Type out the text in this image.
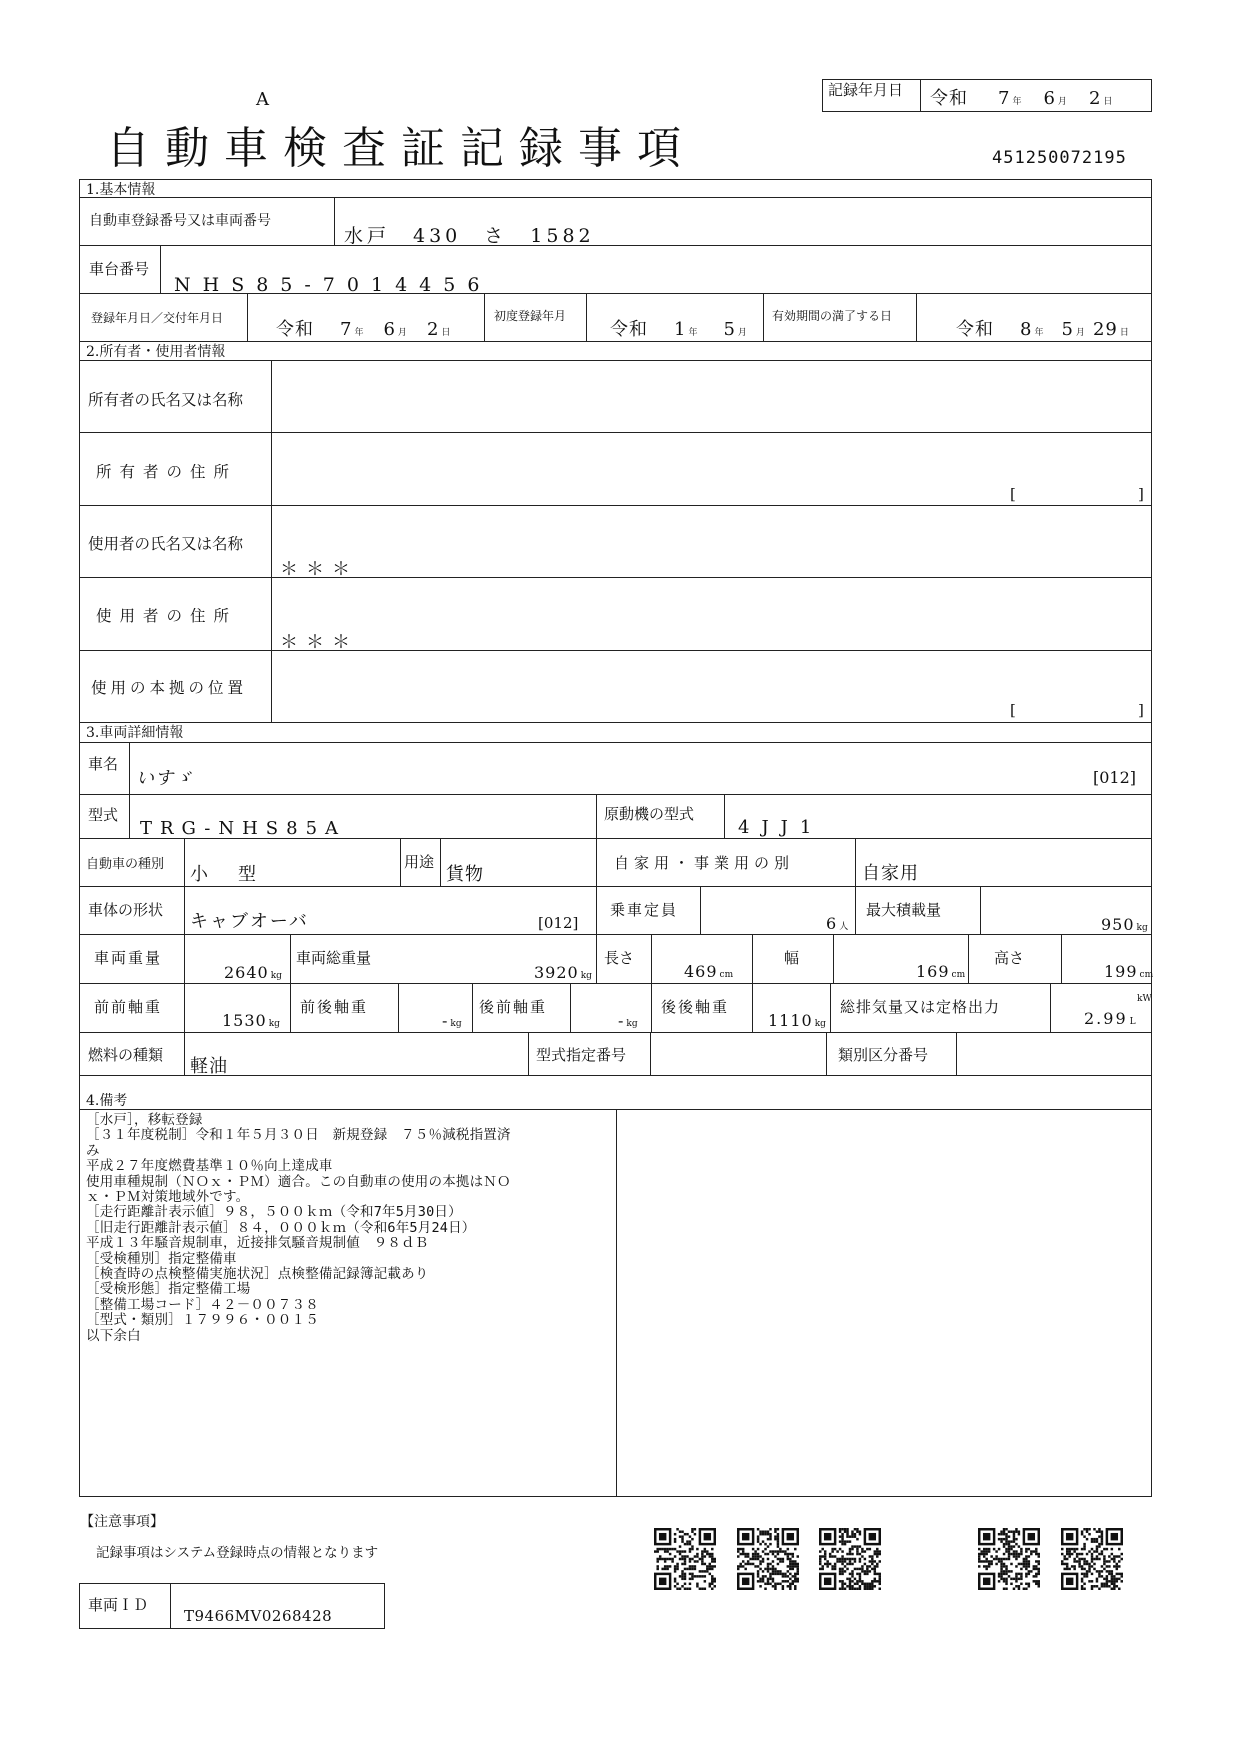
A
自動車検査証記録事項
記録年月日 令和 7 年 6 月 2 日
451250072195
1.基本情報
自動車登録番号又は車両番号
水戸　430　さ　1582
車台番号
NHS85-7014456
登録年月日／交付年月日
令和 7 年 6 月 2 日
初度登録年月
令和 1 年 5 月
有効期間の満了する日
令和 8 年 5 月 29 日
2.所有者・使用者情報
所有者の氏名又は名称
所有者の住所
[	]
使用者の氏名又は名称
＊＊＊
使用者の住所
＊＊＊
使用の本拠の位置
[	]
3.車両詳細情報
車名
いすゞ	[012]
型式
TRG-NHS85A
原動機の型式
4JJ1
自動車の種別 小　型
用途
貨物
自家用・事業用の別	自家用
車体の形状
キャブオーバ	[012]
乗車定員
6 人
最大積載量
950 kg
車両重量
2640 kg
車両総重量
3920 kg
長さ
469 cm
幅
169 cm
高さ
199 cm
前前軸重
1530 kg
前後軸重
- kg
後前軸重
- kg
後後軸重
1110 kg
総排気量又は定格出力	kW
2.99 L
燃料の種類
軽油
型式指定番号	類別区分番号
4.備考
［水戸］，移転登録
［３１年度税制］令和１年５月３０日　新規登録　７５％減税指置済
み
平成２７年度燃費基準１０％向上達成車
使用車種規制（ＮＯｘ・ＰＭ）適合。この自動車の使用の本拠はＮＯ
ｘ・ＰＭ対策地域外です。
［走行距離計表示値］９８，５００ｋｍ（令和7年5月30日）
［旧走行距離計表示値］８４，０００ｋｍ（令和6年5月24日）
平成１３年騒音規制車，近接排気騒音規制値　９８ｄＢ
［受検種別］指定整備車
［検査時の点検整備実施状況］点検整備記録簿記載あり
［受検形態］指定整備工場
［整備工場コード］４２－００７３８
［型式・類別］１７９９６・００１５
以下余白
【注意事項】
記録事項はシステム登録時点の情報となります
車両ＩＤ
T9466MV0268428
